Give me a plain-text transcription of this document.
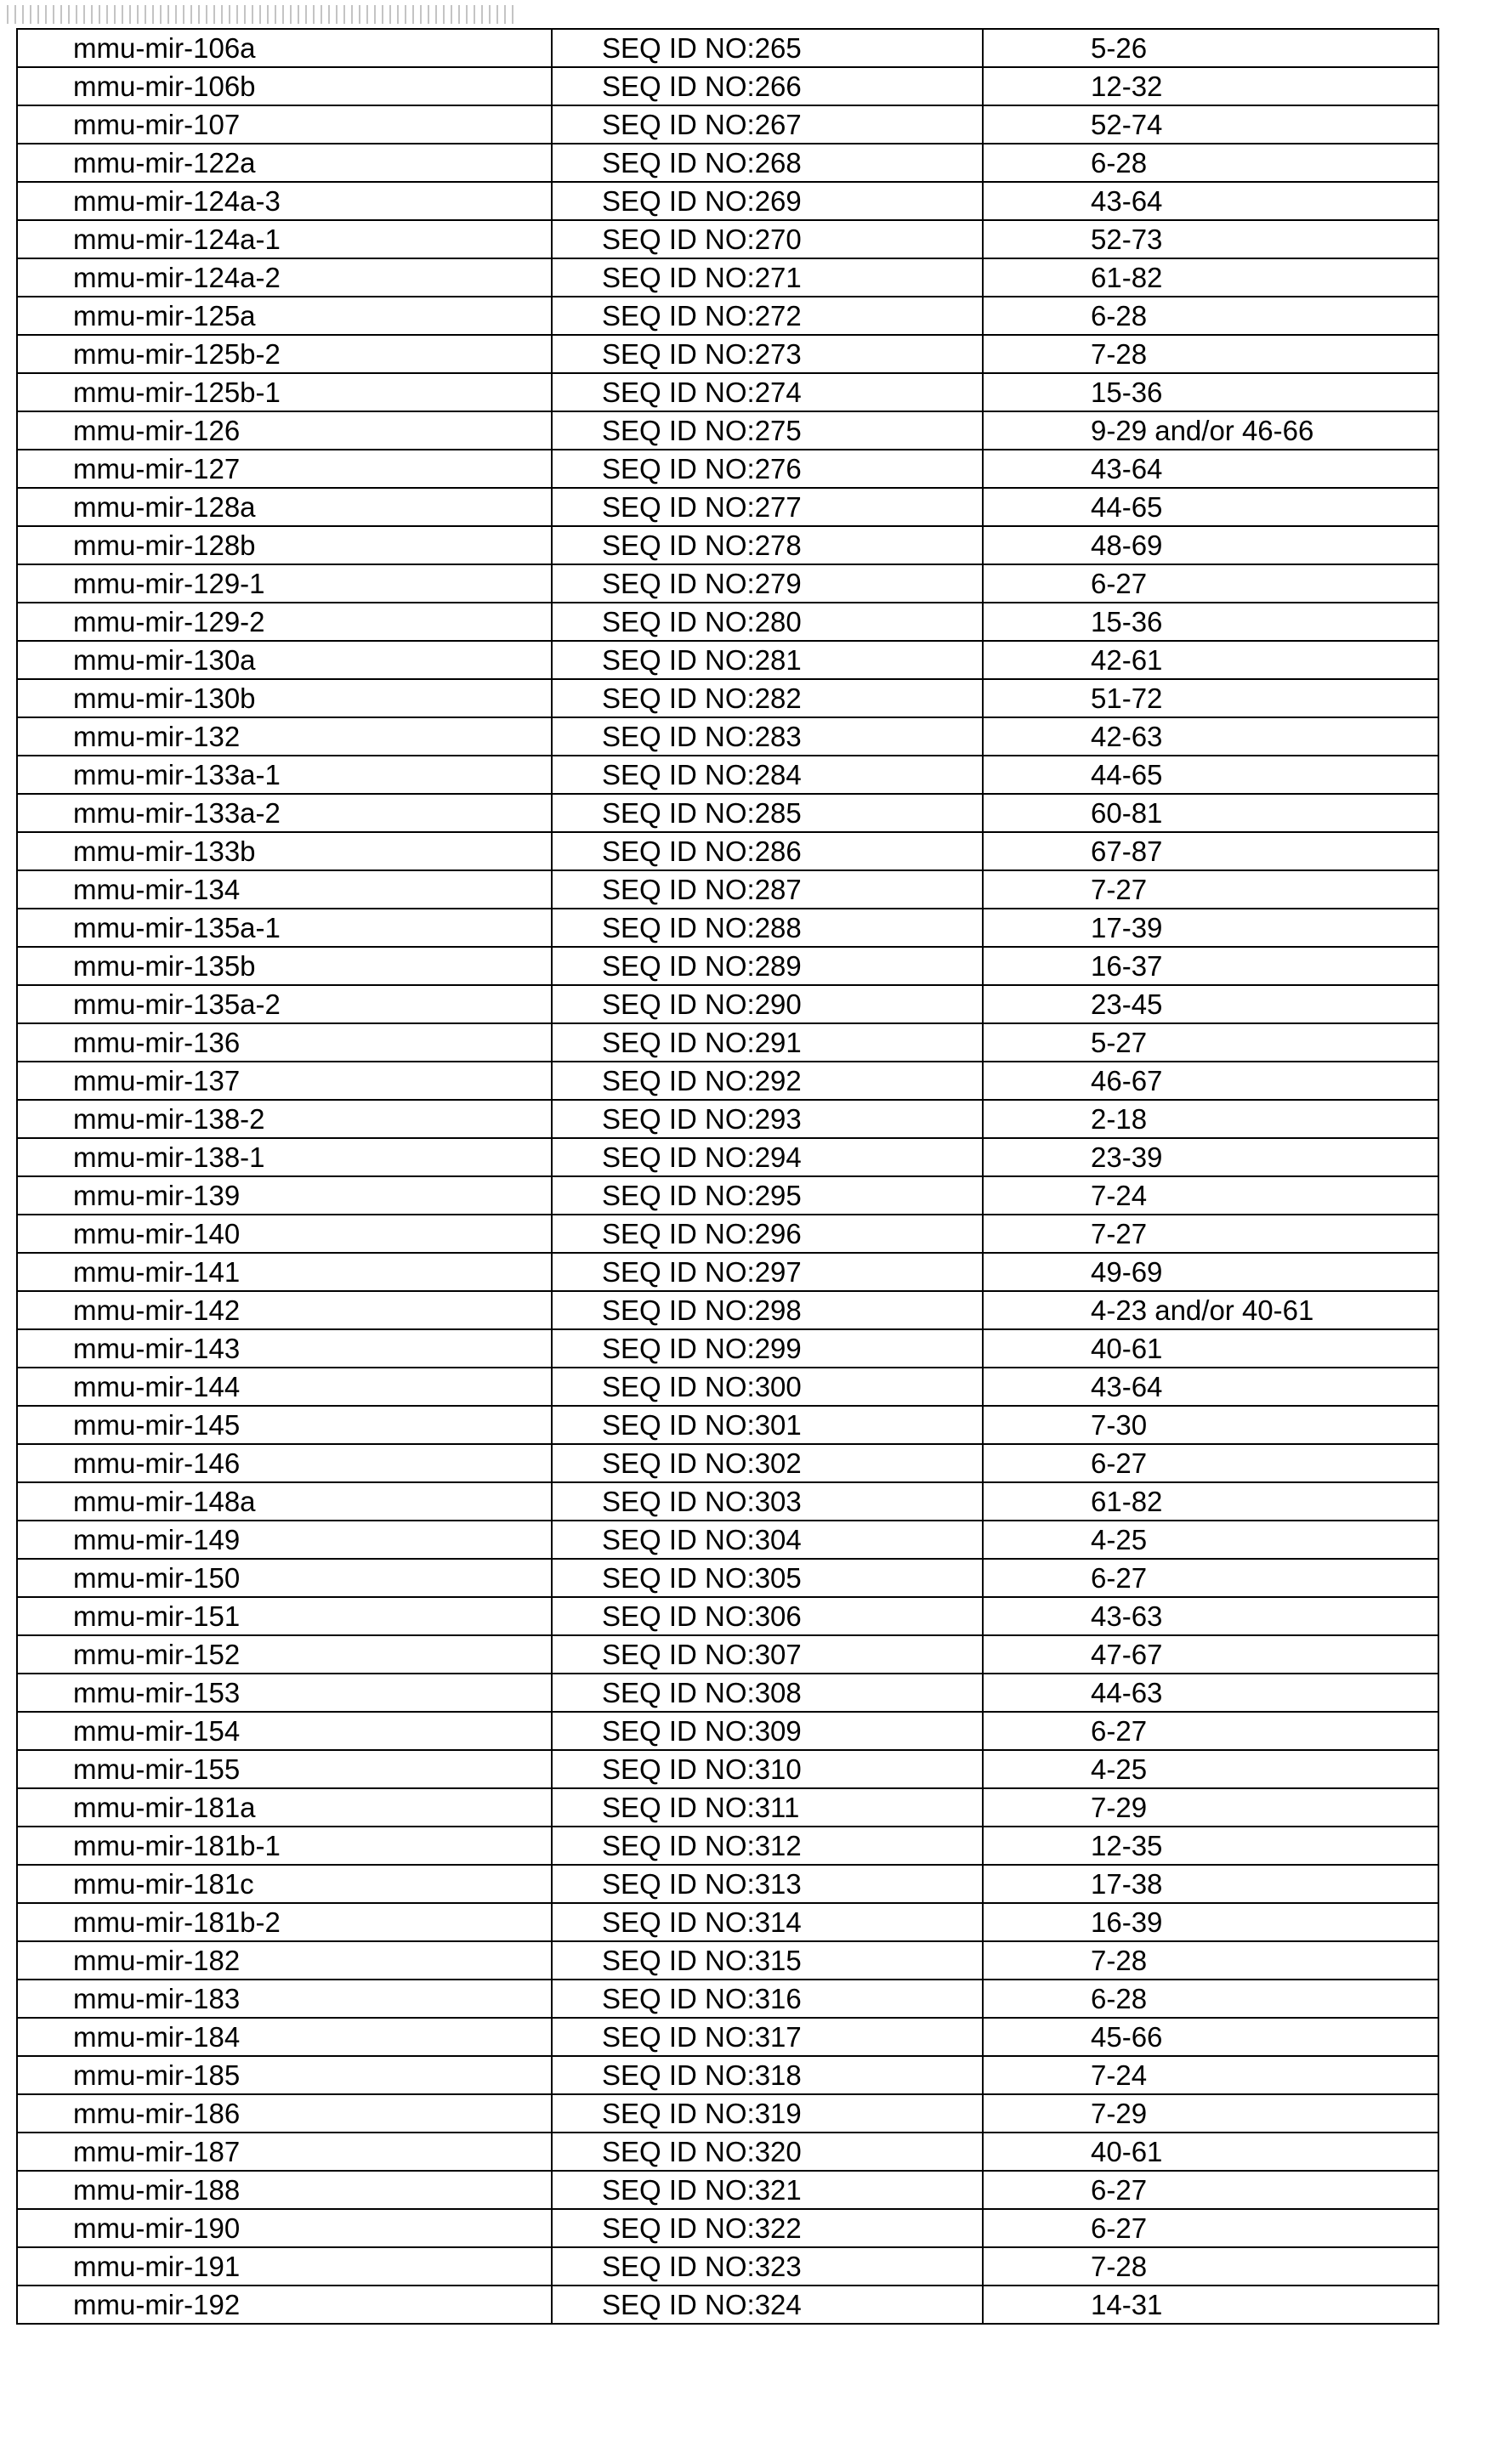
mmu-mir-106a	SEQ ID NO:265	5-26
mmu-mir-106b	SEQ ID NO:266	12-32
mmu-mir-107	SEQ ID NO:267	52-74
mmu-mir-122a	SEQ ID NO:268	6-28
mmu-mir-124a-3	SEQ ID NO:269	43-64
mmu-mir-124a-1	SEQ ID NO:270	52-73
mmu-mir-124a-2	SEQ ID NO:271	61-82
mmu-mir-125a	SEQ ID NO:272	6-28
mmu-mir-125b-2	SEQ ID NO:273	7-28
mmu-mir-125b-1	SEQ ID NO:274	15-36
mmu-mir-126	SEQ ID NO:275	9-29 and/or 46-66
mmu-mir-127	SEQ ID NO:276	43-64
mmu-mir-128a	SEQ ID NO:277	44-65
mmu-mir-128b	SEQ ID NO:278	48-69
mmu-mir-129-1	SEQ ID NO:279	6-27
mmu-mir-129-2	SEQ ID NO:280	15-36
mmu-mir-130a	SEQ ID NO:281	42-61
mmu-mir-130b	SEQ ID NO:282	51-72
mmu-mir-132	SEQ ID NO:283	42-63
mmu-mir-133a-1	SEQ ID NO:284	44-65
mmu-mir-133a-2	SEQ ID NO:285	60-81
mmu-mir-133b	SEQ ID NO:286	67-87
mmu-mir-134	SEQ ID NO:287	7-27
mmu-mir-135a-1	SEQ ID NO:288	17-39
mmu-mir-135b	SEQ ID NO:289	16-37
mmu-mir-135a-2	SEQ ID NO:290	23-45
mmu-mir-136	SEQ ID NO:291	5-27
mmu-mir-137	SEQ ID NO:292	46-67
mmu-mir-138-2	SEQ ID NO:293	2-18
mmu-mir-138-1	SEQ ID NO:294	23-39
mmu-mir-139	SEQ ID NO:295	7-24
mmu-mir-140	SEQ ID NO:296	7-27
mmu-mir-141	SEQ ID NO:297	49-69
mmu-mir-142	SEQ ID NO:298	4-23 and/or 40-61
mmu-mir-143	SEQ ID NO:299	40-61
mmu-mir-144	SEQ ID NO:300	43-64
mmu-mir-145	SEQ ID NO:301	7-30
mmu-mir-146	SEQ ID NO:302	6-27
mmu-mir-148a	SEQ ID NO:303	61-82
mmu-mir-149	SEQ ID NO:304	4-25
mmu-mir-150	SEQ ID NO:305	6-27
mmu-mir-151	SEQ ID NO:306	43-63
mmu-mir-152	SEQ ID NO:307	47-67
mmu-mir-153	SEQ ID NO:308	44-63
mmu-mir-154	SEQ ID NO:309	6-27
mmu-mir-155	SEQ ID NO:310	4-25
mmu-mir-181a	SEQ ID NO:311	7-29
mmu-mir-181b-1	SEQ ID NO:312	12-35
mmu-mir-181c	SEQ ID NO:313	17-38
mmu-mir-181b-2	SEQ ID NO:314	16-39
mmu-mir-182	SEQ ID NO:315	7-28
mmu-mir-183	SEQ ID NO:316	6-28
mmu-mir-184	SEQ ID NO:317	45-66
mmu-mir-185	SEQ ID NO:318	7-24
mmu-mir-186	SEQ ID NO:319	7-29
mmu-mir-187	SEQ ID NO:320	40-61
mmu-mir-188	SEQ ID NO:321	6-27
mmu-mir-190	SEQ ID NO:322	6-27
mmu-mir-191	SEQ ID NO:323	7-28
mmu-mir-192	SEQ ID NO:324	14-31
